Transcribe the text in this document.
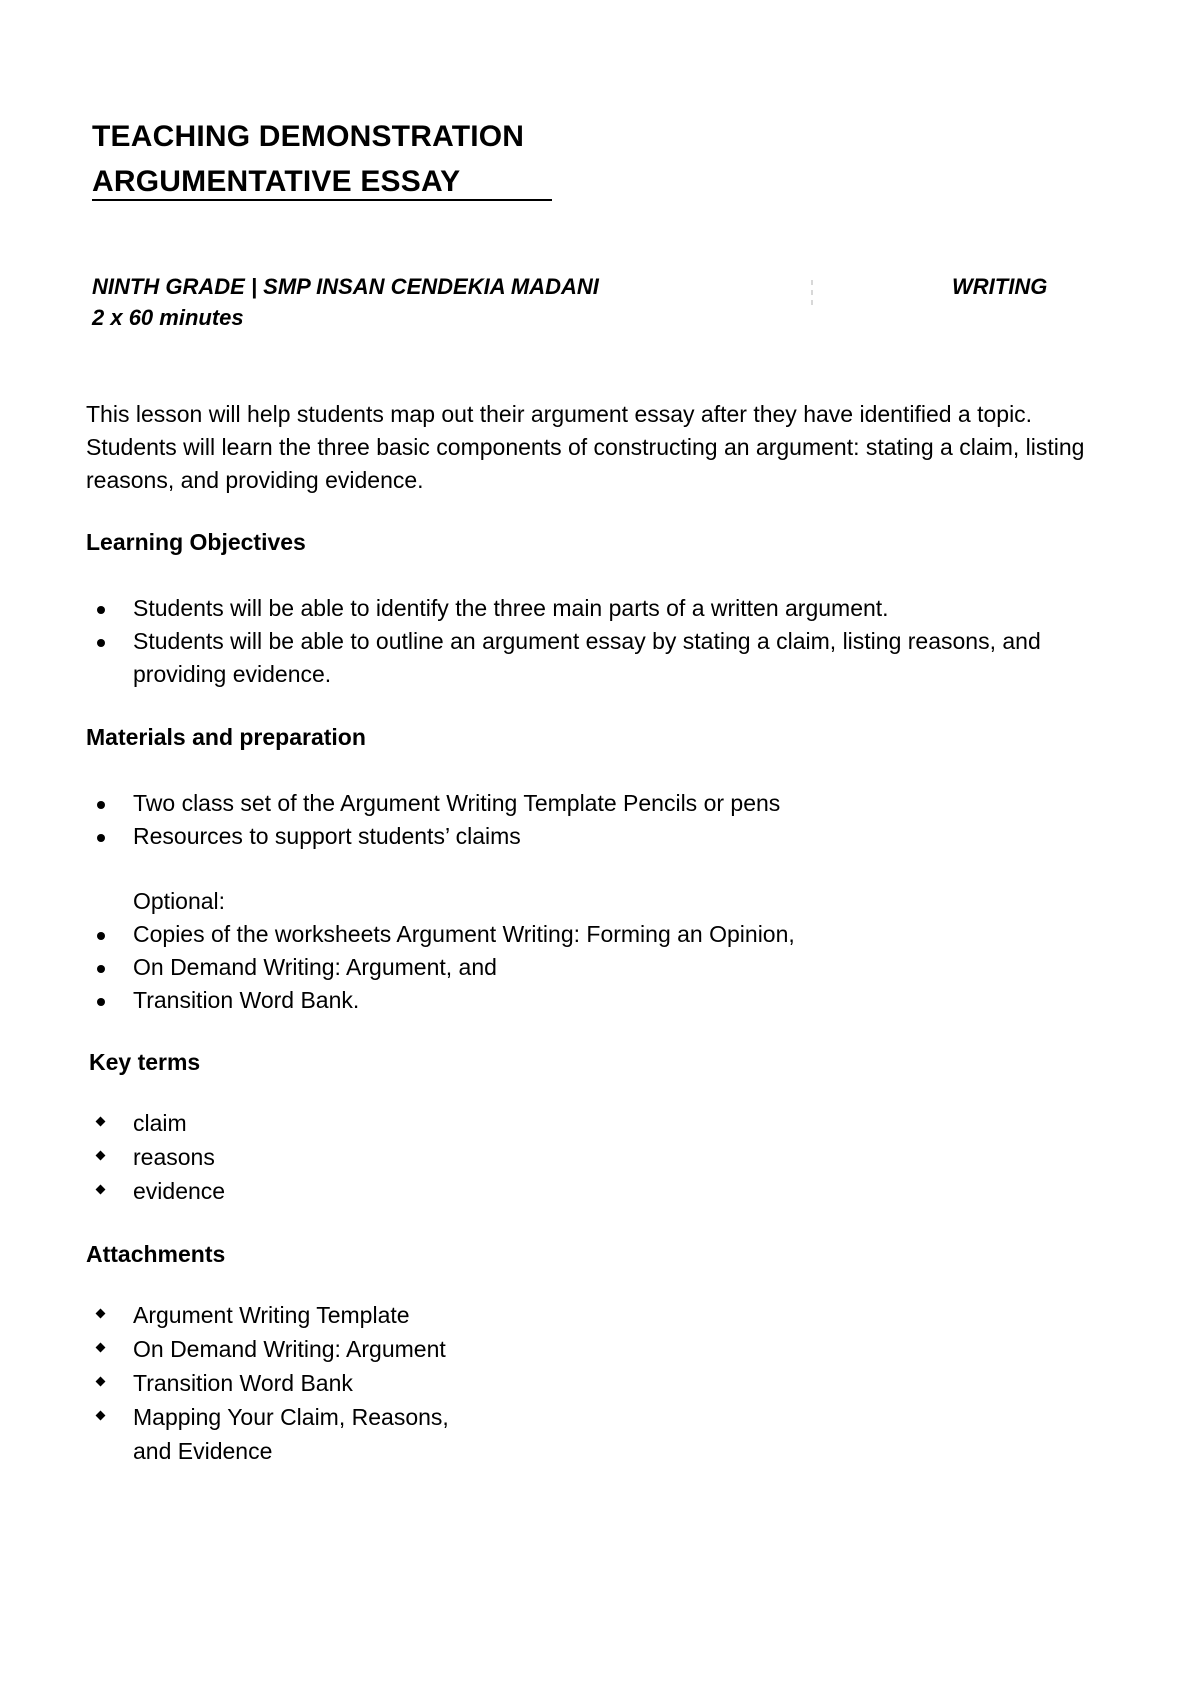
TEACHING DEMONSTRATION
ARGUMENTATIVE ESSAY
NINTH GRADE | SMP INSAN CENDEKIA MADANI	WRITING
2 x 60 minutes
This lesson will help students map out their argument essay after they have identified a topic. Students will learn the three basic components of constructing an argument: stating a claim, listing reasons, and providing evidence.
Learning Objectives
Students will be able to identify the three main parts of a written argument.
Students will be able to outline an argument essay by stating a claim, listing reasons, and providing evidence.
Materials and preparation
Two class set of the Argument Writing Template Pencils or pens
Resources to support students’ claims
Optional:
Copies of the worksheets Argument Writing: Forming an Opinion,
On Demand Writing: Argument, and
Transition Word Bank.
Key terms
claim
reasons
evidence
Attachments
Argument Writing Template
On Demand Writing: Argument
Transition Word Bank
Mapping Your Claim, Reasons,
and Evidence
